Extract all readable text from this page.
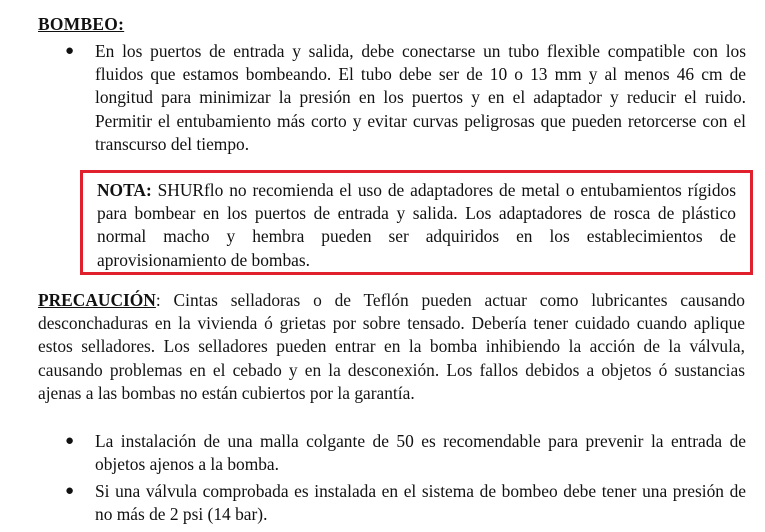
BOMBEO:
●	En los puertos de entrada y salida, debe conectarse un tubo flexible compatible con los fluidos que estamos bombeando. El tubo debe ser de 10 o 13 mm y al menos 46 cm de longitud para minimizar la presión en los puertos y en el adaptador y reducir el ruido. Permitir el entubamiento más corto y evitar curvas peligrosas que pueden retorcerse con el transcurso del tiempo.
NOTA: SHURflo no recomienda el uso de adaptadores de metal o entubamientos rígidos para bombear en los puertos de entrada y salida. Los adaptadores de rosca de plástico normal macho y hembra pueden ser adquiridos en los establecimientos de aprovisionamiento de bombas.
PRECAUCIÓN: Cintas selladoras o de Teflón pueden actuar como lubricantes causando desconchaduras en la vivienda ó grietas por sobre tensado. Debería tener cuidado cuando aplique estos selladores. Los selladores pueden entrar en la bomba inhibiendo la acción de la válvula, causando problemas en el cebado y en la desconexión. Los fallos debidos a objetos ó sustancias ajenas a las bombas no están cubiertos por la garantía.
●	La instalación de una malla colgante de 50 es recomendable para prevenir la entrada de objetos ajenos a la bomba.
●	Si una válvula comprobada es instalada en el sistema de bombeo debe tener una presión de no más de 2 psi (14 bar).
